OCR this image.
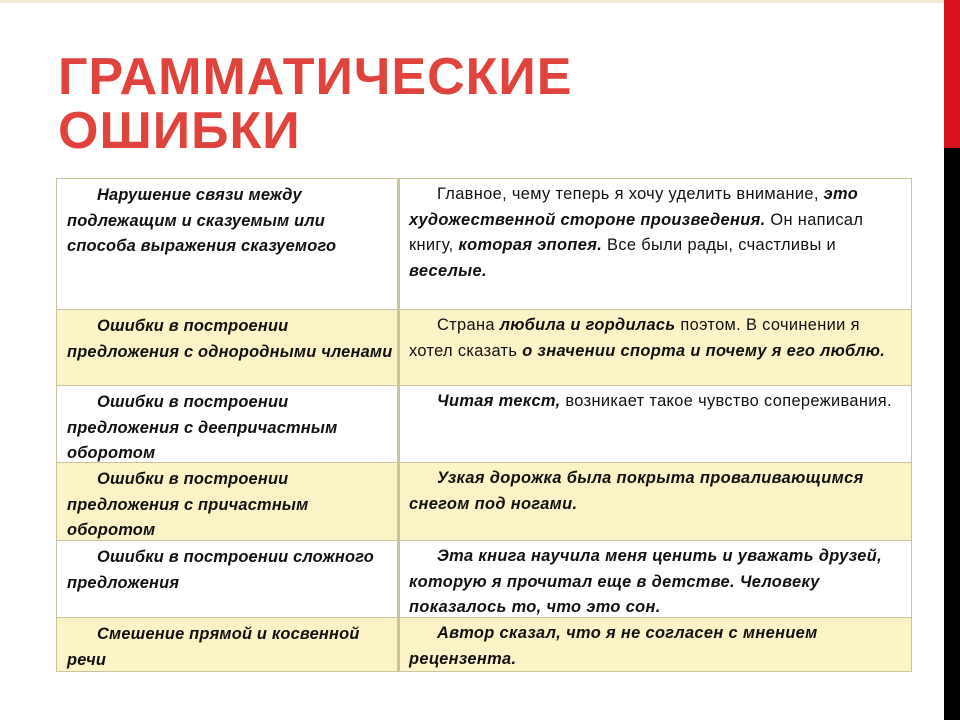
ГРАММАТИЧЕСКИЕ
ОШИБКИ
Нарушение связи между подлежащим и сказуемым или способа выражения сказуемого
Главное, чему теперь я хочу уделить внимание, это художественной стороне произведения. Он написал книгу, которая эпопея. Все были рады, счастливы и веселые.
Ошибки в построении предложения с однородными членами
Страна любила и гордилась поэтом. В сочинении я хотел сказать о значении спорта и почему я его люблю.
Ошибки в построении предложения с деепричастным оборотом
Читая текст, возникает такое чувство сопереживания.
Ошибки в построении предложения с причастным оборотом
Узкая дорожка была покрыта проваливающимся снегом под ногами.
Ошибки в построении сложного предложения
Эта книга научила меня ценить и уважать друзей, которую я прочитал еще в детстве. Человеку показалось то, что это сон.
Смешение прямой и косвенной речи
Автор сказал, что я не согласен с мнением рецензента.
